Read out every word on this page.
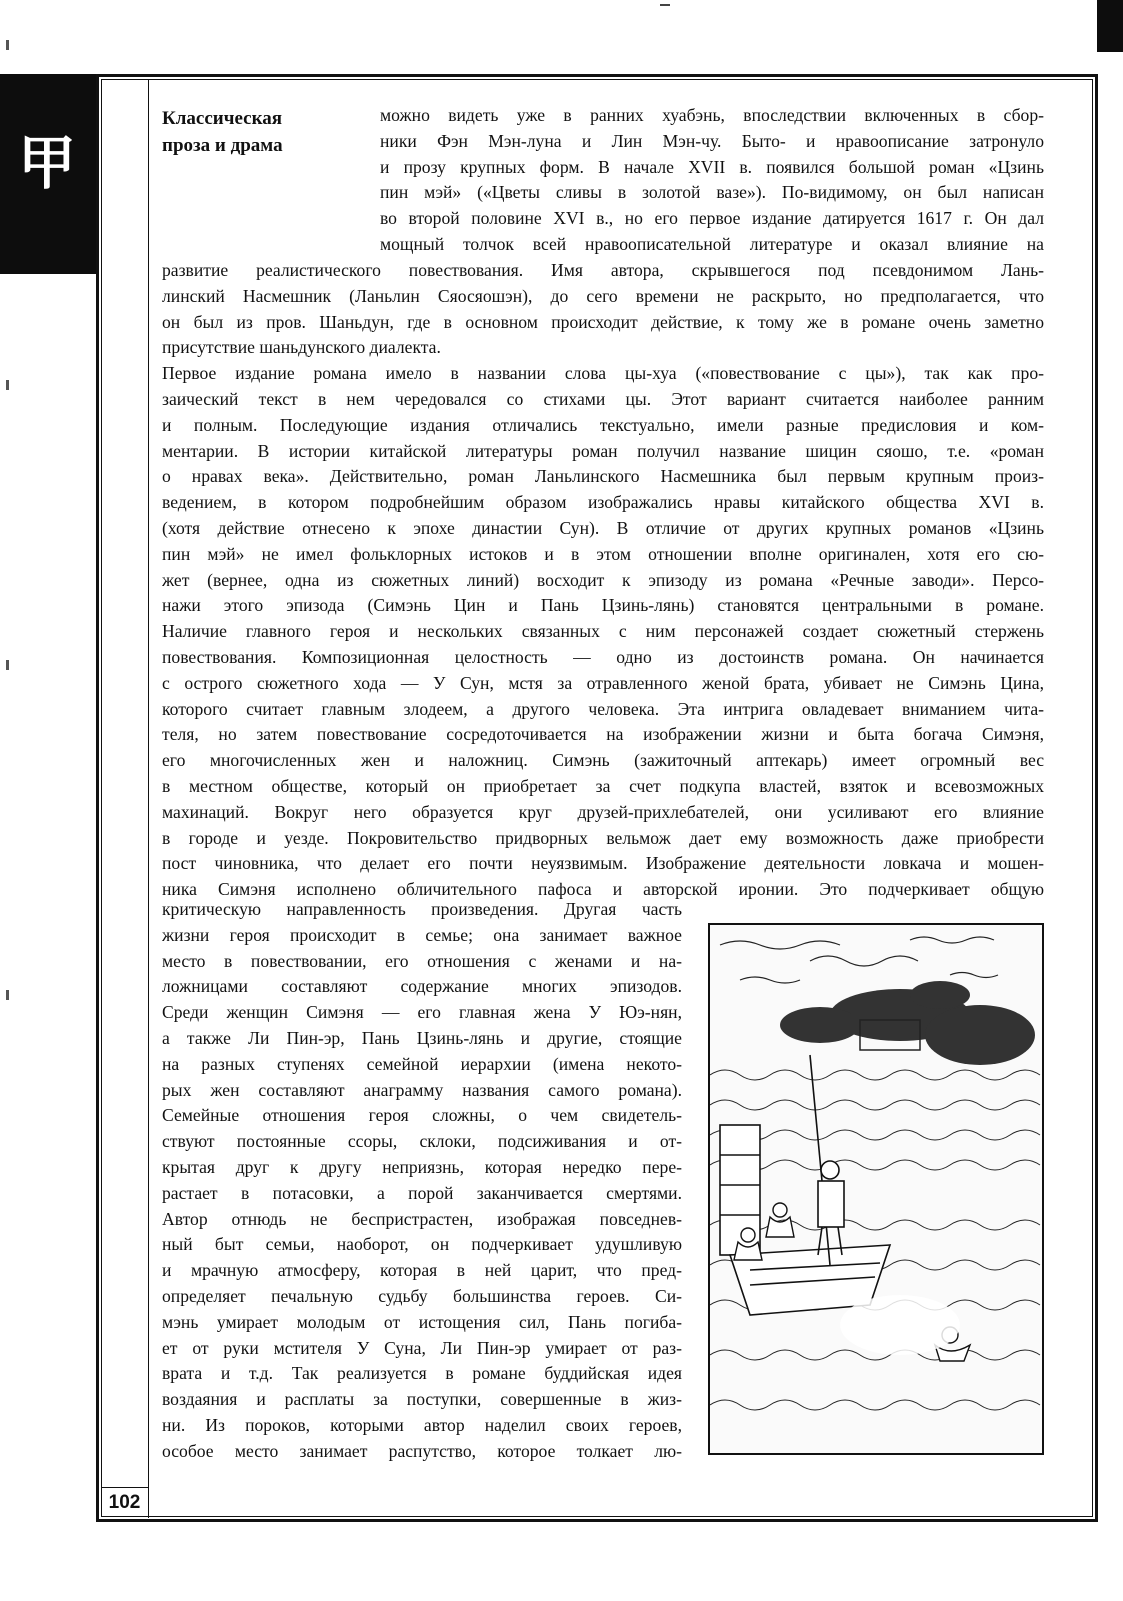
甲
102
Классическая
проза и драма
можно видеть уже в ранних хуабэнь, впоследствии включенных в сбор-
ники Фэн Мэн-луна и Лин Мэн-чу. Быто- и нравоописание затронуло
и прозу крупных форм. В начале XVII в. появился большой роман «Цзинь
пин мэй» («Цветы сливы в золотой вазе»). По-видимому, он был написан
во второй половине XVI в., но его первое издание датируется 1617 г. Он дал
мощный толчок всей нравоописательной литературе и оказал влияние на
развитие реалистического повествования. Имя автора, скрывшегося под псевдонимом Лань-
линский Насмешник (Ланьлин Сяосяошэн), до сего времени не раскрыто, но предполагается, что
он был из пров. Шаньдун, где в основном происходит действие, к тому же в романе очень заметно
присутствие шаньдунского диалекта.
Первое издание романа имело в названии слова цы-хуа («повествование с цы»), так как про-
заический текст в нем чередовался со стихами цы. Этот вариант считается наиболее ранним
и полным. Последующие издания отличались текстуально, имели разные предисловия и ком-
ментарии. В истории китайской литературы роман получил название шицин сяошо, т.е. «роман
о нравах века». Действительно, роман Ланьлинского Насмешника был первым крупным произ-
ведением, в котором подробнейшим образом изображались нравы китайского общества XVI в.
(хотя действие отнесено к эпохе династии Сун). В отличие от других крупных романов «Цзинь
пин мэй» не имел фольклорных истоков и в этом отношении вполне оригинален, хотя его сю-
жет (вернее, одна из сюжетных линий) восходит к эпизоду из романа «Речные заводи». Персо-
нажи этого эпизода (Симэнь Цин и Пань Цзинь-лянь) становятся центральными в романе.
Наличие главного героя и нескольких связанных с ним персонажей создает сюжетный стержень
повествования. Композиционная целостность — одно из достоинств романа. Он начинается
с острого сюжетного хода — У Сун, мстя за отравленного женой брата, убивает не Симэнь Цина,
которого считает главным злодеем, а другого человека. Эта интрига овладевает вниманием чита-
теля, но затем повествование сосредоточивается на изображении жизни и быта богача Симэня,
его многочисленных жен и наложниц. Симэнь (зажиточный аптекарь) имеет огромный вес
в местном обществе, который он приобретает за счет подкупа властей, взяток и всевозможных
махинаций. Вокруг него образуется круг друзей-прихлебателей, они усиливают его влияние
в городе и уезде. Покровительство придворных вельмож дает ему возможность даже приобрести
пост чиновника, что делает его почти неуязвимым. Изображение деятельности ловкача и мошен-
ника Симэня исполнено обличительного пафоса и авторской иронии. Это подчеркивает общую
критическую направленность произведения. Другая часть
жизни героя происходит в семье; она занимает важное
место в повествовании, его отношения с женами и на-
ложницами составляют содержание многих эпизодов.
Среди женщин Симэня — его главная жена У Юэ-нян,
а также Ли Пин-эр, Пань Цзинь-лянь и другие, стоящие
на разных ступенях семейной иерархии (имена некото-
рых жен составляют анаграмму названия самого романа).
Семейные отношения героя сложны, о чем свидетель-
ствуют постоянные ссоры, склоки, подсиживания и от-
крытая друг к другу неприязнь, которая нередко пере-
растает в потасовки, а порой заканчивается смертями.
Автор отнюдь не беспристрастен, изображая повседнев-
ный быт семьи, наоборот, он подчеркивает удушливую
и мрачную атмосферу, которая в ней царит, что пред-
определяет печальную судьбу большинства героев. Си-
мэнь умирает молодым от истощения сил, Пань погиба-
ет от руки мстителя У Суна, Ли Пин-эр умирает от раз-
врата и т.д. Так реализуется в романе буддийская идея
воздаяния и расплаты за поступки, совершенные в жиз-
ни. Из пороков, которыми автор наделил своих героев,
особое место занимает распутство, которое толкает лю-
